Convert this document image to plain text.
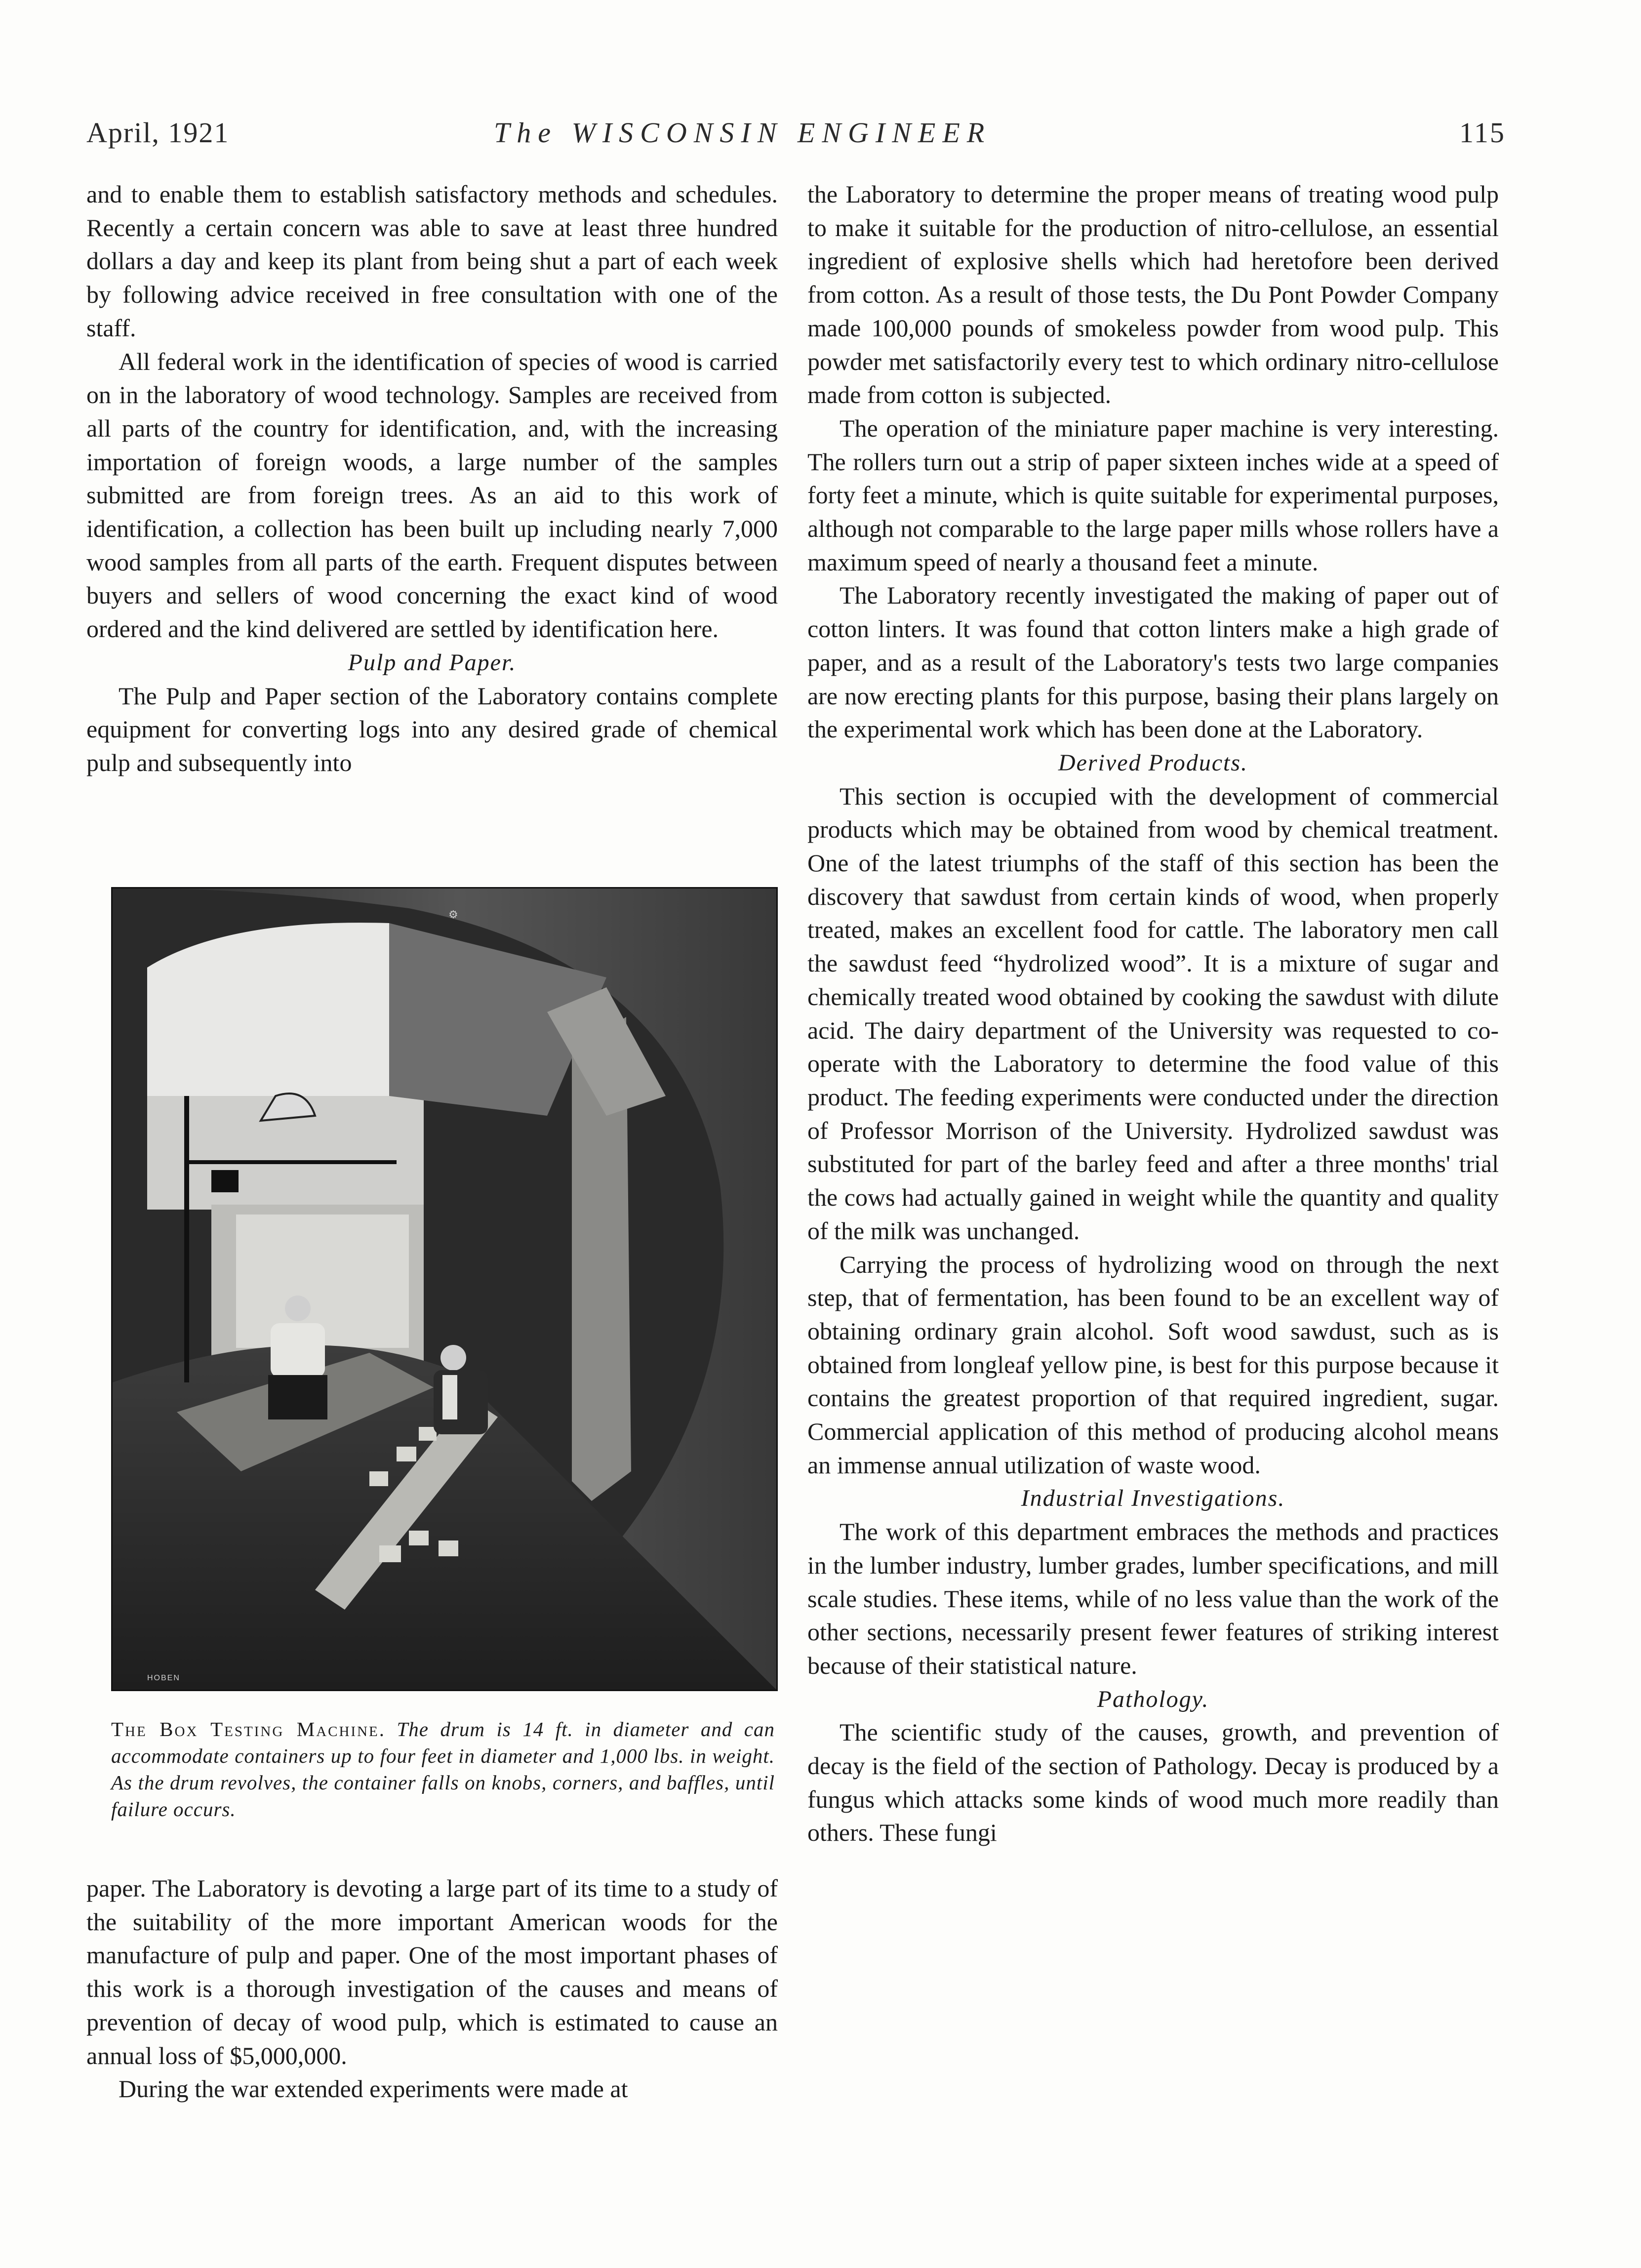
April, 1921	The WISCONSIN ENGINEER	115

and to enable them to establish satisfactory methods and schedules. Recently a certain concern was able to save at least three hundred dollars a day and keep its plant from being shut a part of each week by following advice received in free consultation with one of the staff.

All federal work in the identification of species of wood is carried on in the laboratory of wood technology. Samples are received from all parts of the country for identification, and, with the increasing importation of foreign woods, a large number of the samples submitted are from foreign trees. As an aid to this work of identification, a collection has been built up including nearly 7,000 wood samples from all parts of the earth. Frequent disputes between buyers and sellers of wood concerning the exact kind of wood ordered and the kind delivered are settled by identification here.

Pulp and Paper.

The Pulp and Paper section of the Laboratory contains complete equipment for converting logs into any desired grade of chemical pulp and subsequently into

⚙
HOBEN
The Box Testing Machine. The drum is 14 ft. in diameter and can accommodate containers up to four feet in diameter and 1,000 lbs. in weight. As the drum revolves, the container falls on knobs, corners, and baffles, until failure occurs.

paper. The Laboratory is devoting a large part of its time to a study of the suitability of the more important American woods for the manufacture of pulp and paper. One of the most important phases of this work is a thorough investigation of the causes and means of prevention of decay of wood pulp, which is estimated to cause an annual loss of $5,000,000.

During the war extended experiments were made at

the Laboratory to determine the proper means of treating wood pulp to make it suitable for the production of nitro-cellulose, an essential ingredient of explosive shells which had heretofore been derived from cotton. As a result of those tests, the Du Pont Powder Company made 100,000 pounds of smokeless powder from wood pulp. This powder met satisfactorily every test to which ordinary nitro-cellulose made from cotton is subjected.

The operation of the miniature paper machine is very interesting. The rollers turn out a strip of paper sixteen inches wide at a speed of forty feet a minute, which is quite suitable for experimental purposes, although not comparable to the large paper mills whose rollers have a maximum speed of nearly a thousand feet a minute.

The Laboratory recently investigated the making of paper out of cotton linters. It was found that cotton linters make a high grade of paper, and as a result of the Laboratory's tests two large companies are now erecting plants for this purpose, basing their plans largely on the experimental work which has been done at the Laboratory.

Derived Products.

This section is occupied with the development of commercial products which may be obtained from wood by chemical treatment. One of the latest triumphs of the staff of this section has been the discovery that sawdust from certain kinds of wood, when properly treated, makes an excellent food for cattle. The laboratory men call the sawdust feed “hydrolized wood”. It is a mixture of sugar and chemically treated wood obtained by cooking the sawdust with dilute acid. The dairy department of the University was requested to co-operate with the Laboratory to determine the food value of this product. The feeding experiments were conducted under the direction of Professor Morrison of the University. Hydrolized sawdust was substituted for part of the barley feed and after a three months' trial the cows had actually gained in weight while the quantity and quality of the milk was unchanged.

Carrying the process of hydrolizing wood on through the next step, that of fermentation, has been found to be an excellent way of obtaining ordinary grain alcohol. Soft wood sawdust, such as is obtained from longleaf yellow pine, is best for this purpose because it contains the greatest proportion of that required ingredient, sugar. Commercial application of this method of producing alcohol means an immense annual utilization of waste wood.

Industrial Investigations.

The work of this department embraces the methods and practices in the lumber industry, lumber grades, lumber specifications, and mill scale studies. These items, while of no less value than the work of the other sections, necessarily present fewer features of striking interest because of their statistical nature.

Pathology.

The scientific study of the causes, growth, and prevention of decay is the field of the section of Pathology. Decay is produced by a fungus which attacks some kinds of wood much more readily than others. These fungi
